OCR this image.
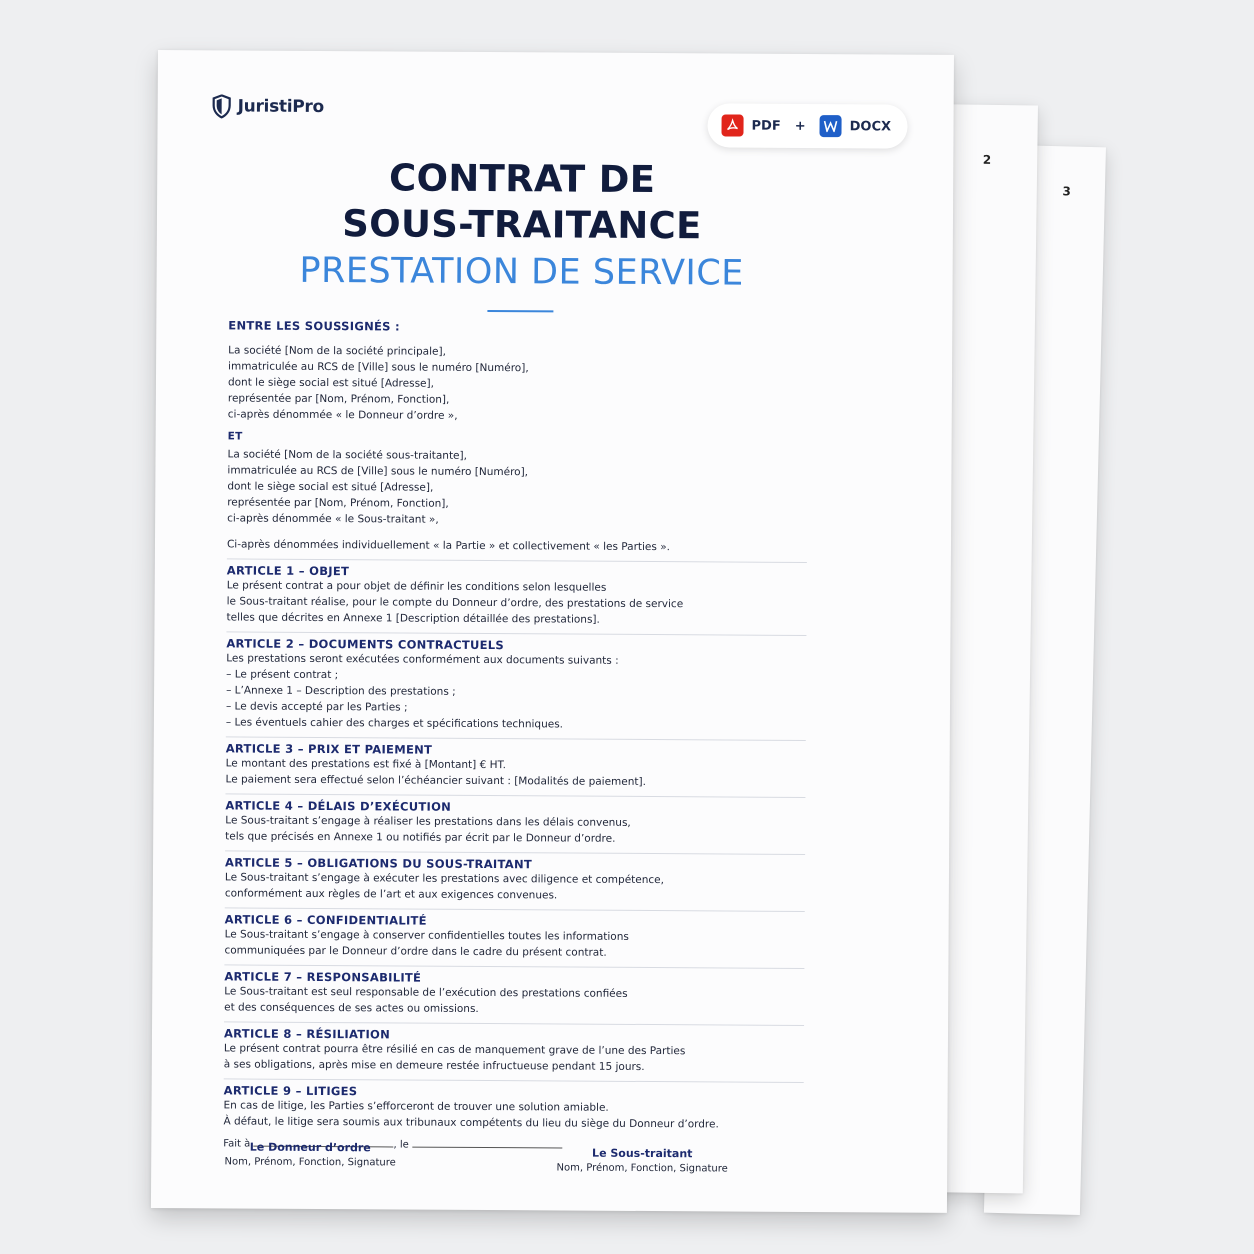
3
2
JuristiPro
PDF +	DOCX
CONTRAT DE
SOUS-TRAITANCE
PRESTATION DE SERVICE
ENTRE LES SOUSSIGNÉS :
La société [Nom de la société principale],
immatriculée au RCS de [Ville] sous le numéro [Numéro],
dont le siège social est situé [Adresse],
représentée par [Nom, Prénom, Fonction],
ci-après dénommée « le Donneur d’ordre »,
ET
La société [Nom de la société sous-traitante],
immatriculée au RCS de [Ville] sous le numéro [Numéro],
dont le siège social est situé [Adresse],
représentée par [Nom, Prénom, Fonction],
ci-après dénommée « le Sous-traitant »,
Ci-après dénommées individuellement « la Partie » et collectivement « les Parties ».
ARTICLE 1 – OBJET
Le présent contrat a pour objet de définir les conditions selon lesquelles
le Sous-traitant réalise, pour le compte du Donneur d’ordre, des prestations de service
telles que décrites en Annexe 1 [Description détaillée des prestations].
ARTICLE 2 – DOCUMENTS CONTRACTUELS
Les prestations seront exécutées conformément aux documents suivants :
– Le présent contrat ;
– L’Annexe 1 – Description des prestations ;
– Le devis accepté par les Parties ;
– Les éventuels cahier des charges et spécifications techniques.
ARTICLE 3 – PRIX ET PAIEMENT
Le montant des prestations est fixé à [Montant] € HT.
Le paiement sera effectué selon l’échéancier suivant : [Modalités de paiement].
ARTICLE 4 – DÉLAIS D’EXÉCUTION
Le Sous-traitant s’engage à réaliser les prestations dans les délais convenus,
tels que précisés en Annexe 1 ou notifiés par écrit par le Donneur d’ordre.
ARTICLE 5 – OBLIGATIONS DU SOUS-TRAITANT
Le Sous-traitant s’engage à exécuter les prestations avec diligence et compétence,
conformément aux règles de l’art et aux exigences convenues.
ARTICLE 6 – CONFIDENTIALITÉ
Le Sous-traitant s’engage à conserver confidentielles toutes les informations
communiquées par le Donneur d’ordre dans le cadre du présent contrat.
ARTICLE 7 – RESPONSABILITÉ
Le Sous-traitant est seul responsable de l’exécution des prestations confiées
et des conséquences de ses actes ou omissions.
ARTICLE 8 – RÉSILIATION
Le présent contrat pourra être résilié en cas de manquement grave de l’une des Parties
à ses obligations, après mise en demeure restée infructueuse pendant 15 jours.
ARTICLE 9 – LITIGES
En cas de litige, les Parties s’efforceront de trouver une solution amiable.
À défaut, le litige sera soumis aux tribunaux compétents du lieu du siège du Donneur d’ordre.
Fait à	, le
Le Donneur d’ordre
Nom, Prénom, Fonction, Signature
Le Sous-traitant
Nom, Prénom, Fonction, Signature
